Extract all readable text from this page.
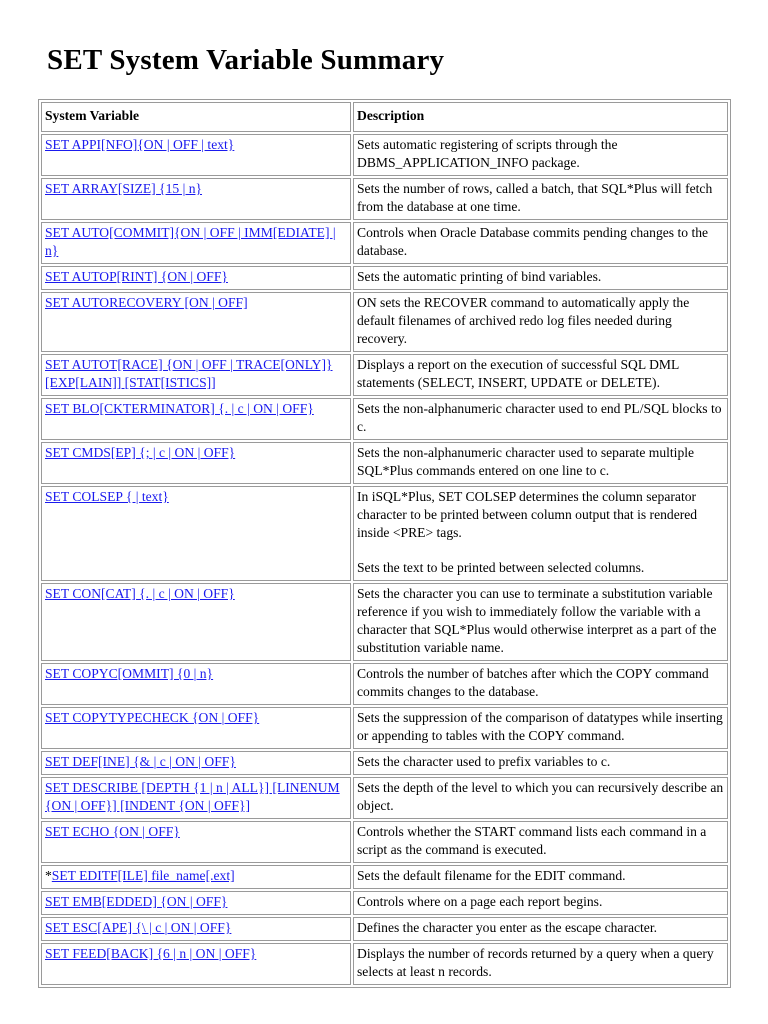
SET System Variable Summary
System Variable	Description
SET APPI[NFO]{ON | OFF | text}	Sets automatic registering of scripts through the DBMS_APPLICATION_INFO package.

SET ARRAY[SIZE] {15 | n}	Sets the number of rows, called a batch, that SQL*Plus will fetch from the database at one time.

SET AUTO[COMMIT]{ON | OFF | IMM[EDIATE] | n}	Controls when Oracle Database commits pending changes to the database.

SET AUTOP[RINT] {ON | OFF}	Sets the automatic printing of bind variables.

SET AUTORECOVERY [ON | OFF]	ON sets the RECOVER command to automatically apply the default filenames of archived redo log files needed during recovery.

SET AUTOT[RACE] {ON | OFF | TRACE[ONLY]} [EXP[LAIN]] [STAT[ISTICS]]	Displays a report on the execution of successful SQL DML statements (SELECT, INSERT, UPDATE or DELETE).

SET BLO[CKTERMINATOR] {. | c | ON | OFF}	Sets the non-alphanumeric character used to end PL/SQL blocks to c.

SET CMDS[EP] {; | c | ON | OFF}	Sets the non-alphanumeric character used to separate multiple SQL*Plus commands entered on one line to c.

SET COLSEP { | text}	In iSQL*Plus, SET COLSEP determines the column separator character to be printed between column output that is rendered inside <PRE> tags.

Sets the text to be printed between selected columns.

SET CON[CAT] {. | c | ON | OFF}	Sets the character you can use to terminate a substitution variable reference if you wish to immediately follow the variable with a character that SQL*Plus would otherwise interpret as a part of the substitution variable name.

SET COPYC[OMMIT] {0 | n}	Controls the number of batches after which the COPY command commits changes to the database.

SET COPYTYPECHECK {ON | OFF}	Sets the suppression of the comparison of datatypes while inserting or appending to tables with the COPY command.

SET DEF[INE] {& | c | ON | OFF}	Sets the character used to prefix variables to c.

SET DESCRIBE [DEPTH {1 | n | ALL}] [LINENUM {ON | OFF}] [INDENT {ON | OFF}]	Sets the depth of the level to which you can recursively describe an object.

SET ECHO {ON | OFF}	Controls whether the START command lists each command in a script as the command is executed.

*SET EDITF[ILE] file_name[.ext]	Sets the default filename for the EDIT command.

SET EMB[EDDED] {ON | OFF}	Controls where on a page each report begins.

SET ESC[APE] {\ | c | ON | OFF}	Defines the character you enter as the escape character.

SET FEED[BACK] {6 | n | ON | OFF}	Displays the number of records returned by a query when a query selects at least n records.
